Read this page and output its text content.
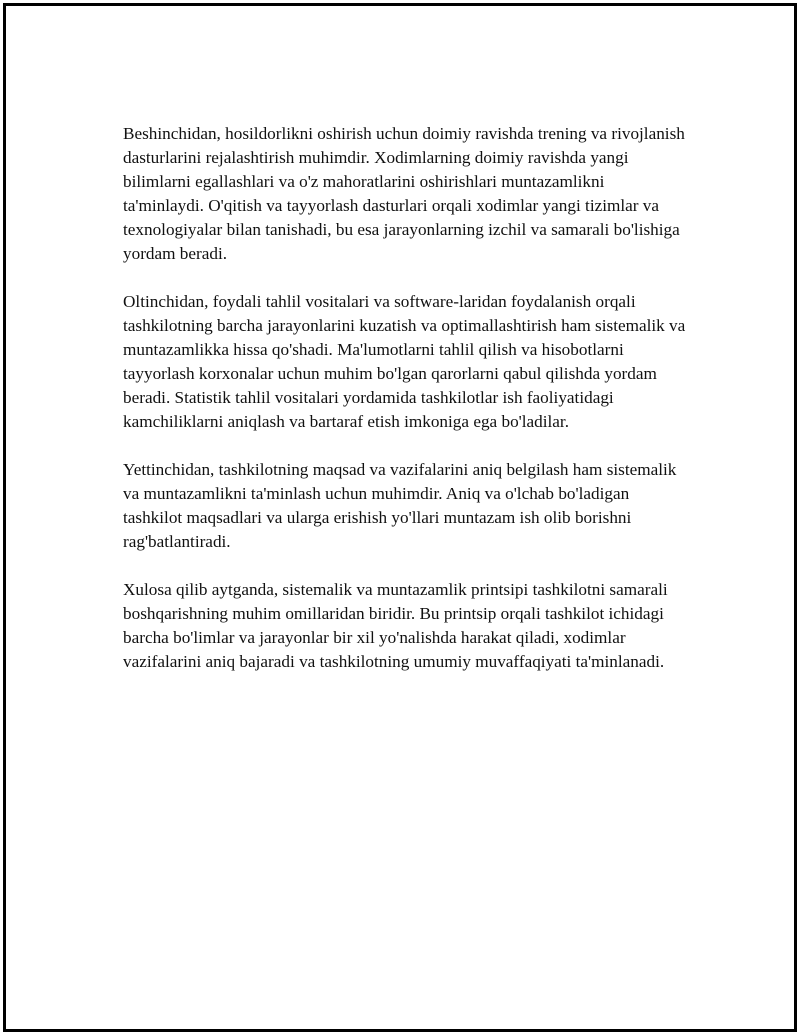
Beshinchidan, hosildorlikni oshirish uchun doimiy ravishda trening va rivojlanish dasturlarini rejalashtirish muhimdir. Xodimlarning doimiy ravishda yangi bilimlarni egallashlari va o'z mahoratlarini oshirishlari muntazamlikni ta'minlaydi. O'qitish va tayyorlash dasturlari orqali xodimlar yangi tizimlar va texnologiyalar bilan tanishadi, bu esa jarayonlarning izchil va samarali bo'lishiga yordam beradi.

Oltinchidan, foydali tahlil vositalari va software-laridan foydalanish orqali tashkilotning barcha jarayonlarini kuzatish va optimallashtirish ham sistemalik va muntazamlikka hissa qo'shadi. Ma'lumotlarni tahlil qilish va hisobotlarni tayyorlash korxonalar uchun muhim bo'lgan qarorlarni qabul qilishda yordam beradi. Statistik tahlil vositalari yordamida tashkilotlar ish faoliyatidagi kamchiliklarni aniqlash va bartaraf etish imkoniga ega bo'ladilar.

Yettinchidan, tashkilotning maqsad va vazifalarini aniq belgilash ham sistemalik va muntazamlikni ta'minlash uchun muhimdir. Aniq va o'lchab bo'ladigan tashkilot maqsadlari va ularga erishish yo'llari muntazam ish olib borishni rag'batlantiradi.

Xulosa qilib aytganda, sistemalik va muntazamlik printsipi tashkilotni samarali boshqarishning muhim omillaridan biridir. Bu printsip orqali tashkilot ichidagi barcha bo'limlar va jarayonlar bir xil yo'nalishda harakat qiladi, xodimlar vazifalarini aniq bajaradi va tashkilotning umumiy muvaffaqiyati ta'minlanadi.
